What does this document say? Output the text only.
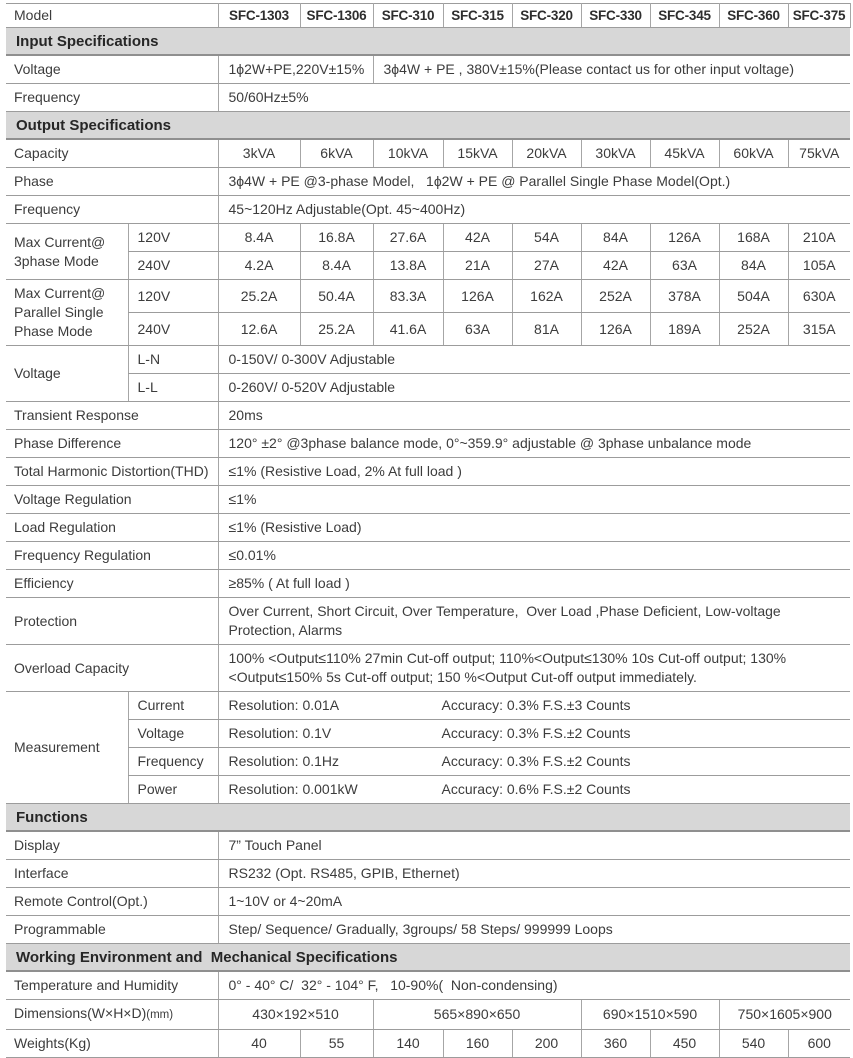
Model		SFC-1303	SFC-1306	SFC-310	SFC-315	SFC-320	SFC-330	SFC-345	SFC-360	SFC-375
Input Specifications										
Voltage		1ϕ2W+PE,220V±15%		3ϕ4W + PE , 380V±15%(Please contact us for other input voltage)						
Frequency		50/60Hz±5%								
Output Specifications										
Capacity		3kVA	6kVA	10kVA	15kVA	20kVA	30kVA	45kVA	60kVA	75kVA
Phase		3ϕ4W + PE @3-phase Model,   1ϕ2W + PE @ Parallel Single Phase Model(Opt.)								
Frequency		45~120Hz Adjustable(Opt. 45~400Hz)								
Max Current@ 3phase Mode	120V	8.4A	16.8A	27.6A	42A	54A	84A	126A	168A	210A
	240V	4.2A	8.4A	13.8A	21A	27A	42A	63A	84A	105A
Max Current@ Parallel Single Phase Mode	120V	25.2A	50.4A	83.3A	126A	162A	252A	378A	504A	630A
	240V	12.6A	25.2A	41.6A	63A	81A	126A	189A	252A	315A
Voltage	L-N	0-150V/ 0-300V Adjustable								
	L-L	0-260V/ 0-520V Adjustable								
Transient Response		20ms								
Phase Difference		120° ±2° @3phase balance mode, 0°~359.9° adjustable @ 3phase unbalance mode								
Total Harmonic Distortion(THD)		≤1% (Resistive Load, 2% At full load )								
Voltage Regulation		≤1%								
Load Regulation		≤1% (Resistive Load)								
Frequency Regulation		≤0.01%								
Efficiency		≥85% ( At full load )								
Protection		Over Current, Short Circuit, Over Temperature,  Over Load ,Phase Deficient, Low-voltage Protection, Alarms								
Overload Capacity		100% <Output≤110% 27min Cut-off output; 110%<Output≤130% 10s Cut-off output; 130%<Output≤150% 5s Cut-off output; 150 %<Output Cut-off output immediately.								
Measurement	Current	Resolution: 0.01A Accuracy: 0.3% F.S.±3 Counts								
	Voltage	Resolution: 0.1V Accuracy: 0.3% F.S.±2 Counts								
	Frequency	Resolution: 0.1Hz Accuracy: 0.3% F.S.±2 Counts								
	Power	Resolution: 0.001kW Accuracy: 0.6% F.S.±2 Counts								
Functions										
Display		7” Touch Panel								
Interface		RS232 (Opt. RS485, GPIB, Ethernet)								
Remote Control(Opt.)		1~10V or 4~20mA								
Programmable		Step/ Sequence/ Gradually, 3groups/ 58 Steps/ 999999 Loops								
Working Environment and  Mechanical Specifications										
Temperature and Humidity		0° - 40° C/  32° - 104° F,   10-90%(  Non-condensing)								
Dimensions(W×H×D)(mm)		430×192×510		565×890×650			690×1510×590		750×1605×900	
Weights(Kg)		40	55	140	160	200	360	450	540	600
